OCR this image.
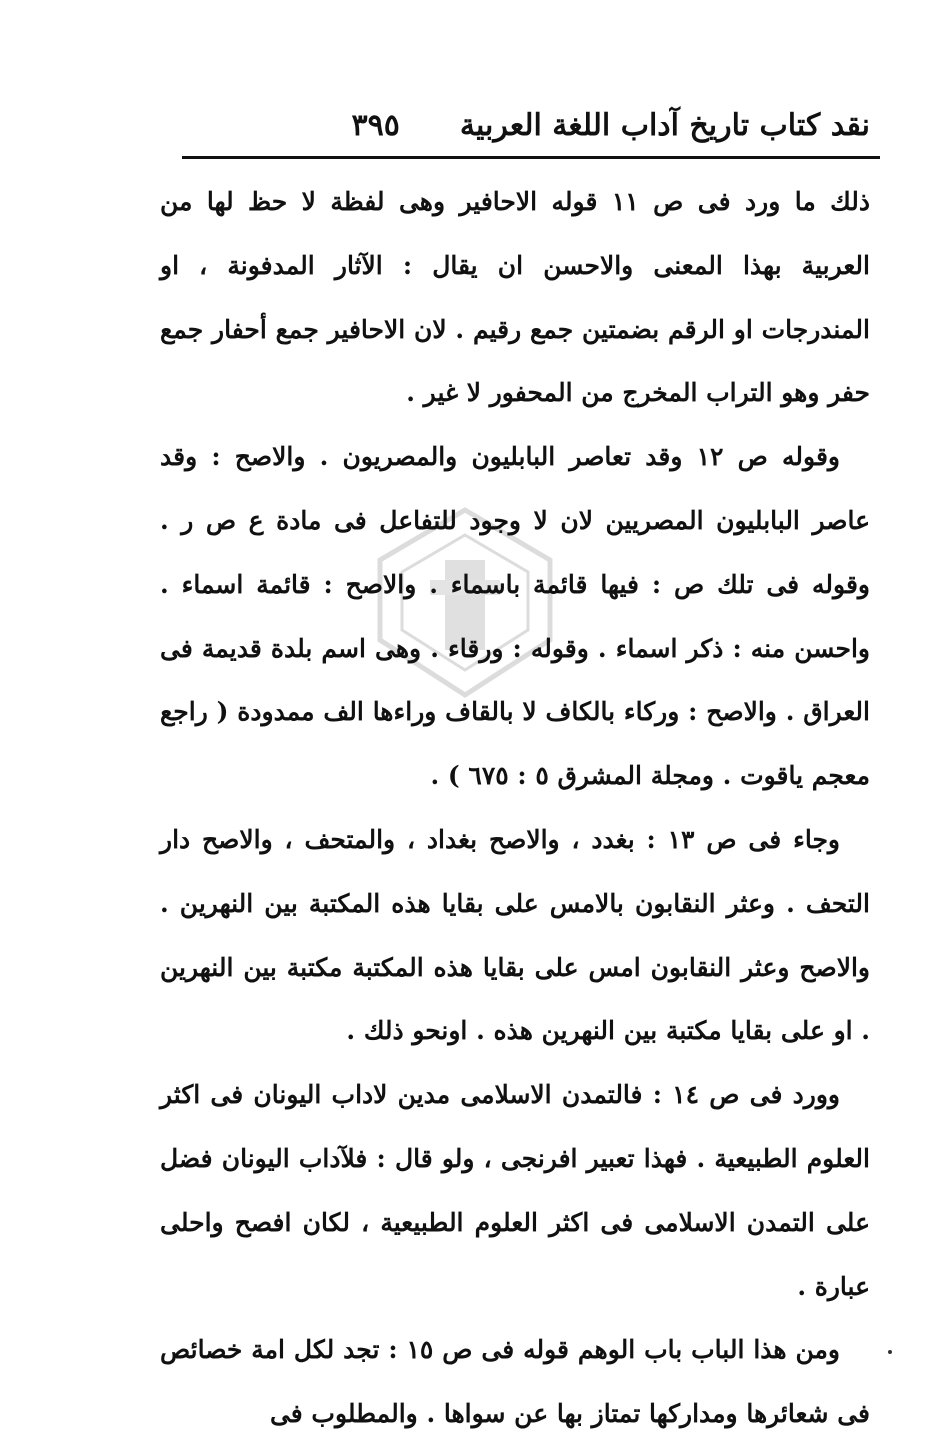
نقد كتاب تاريخ آداب اللغة العربية
٣٩٥

ذلك ما ورد فى ص ١١ قوله الاحافير وهى لفظة لا حظ لها من العربية بهذا المعنى والاحسن ان يقال : الآثار المدفونة ، او المندرجات او الرقم بضمتين جمع رقيم . لان الاحافير جمع أحفار جمع حفر وهو التراب المخرج من المحفور لا غير .

وقوله ص ١٢ وقد تعاصر البابليون والمصريون . والاصح : وقد عاصر البابليون المصريين لان لا وجود للتفاعل فى مادة ع ص ر . وقوله فى تلك ص : فيها قائمة باسماء . والاصح : قائمة اسماء . واحسن منه : ذكر اسماء . وقوله : ورقاء . وهى اسم بلدة قديمة فى العراق . والاصح : وركاء بالكاف لا بالقاف وراءها الف ممدودة ( راجع معجم ياقوت . ومجلة المشرق ٥ : ٦٧٥ ) .

وجاء فى ص ١٣ : بغدد ، والاصح بغداد ، والمتحف ، والاصح دار التحف . وعثر النقابون بالامس على بقايا هذه المكتبة بين النهرين . والاصح وعثر النقابون امس على بقايا هذه المكتبة مكتبة بين النهرين . او على بقايا مكتبة بين النهرين هذه . اونحو ذلك .

وورد فى ص ١٤ : فالتمدن الاسلامى مدين لاداب اليونان فى اكثر العلوم الطبيعية . فهذا تعبير افرنجى ، ولو قال : فلآداب اليونان فضل على التمدن الاسلامى فى اكثر العلوم الطبيعية ، لكان افصح واحلى عبارة .

ومن هذا الباب باب الوهم قوله فى ص ١٥ : تجد لكل امة خصائص فى شعائرها ومداركها تمتاز بها عن سواها . والمطلوب فى
